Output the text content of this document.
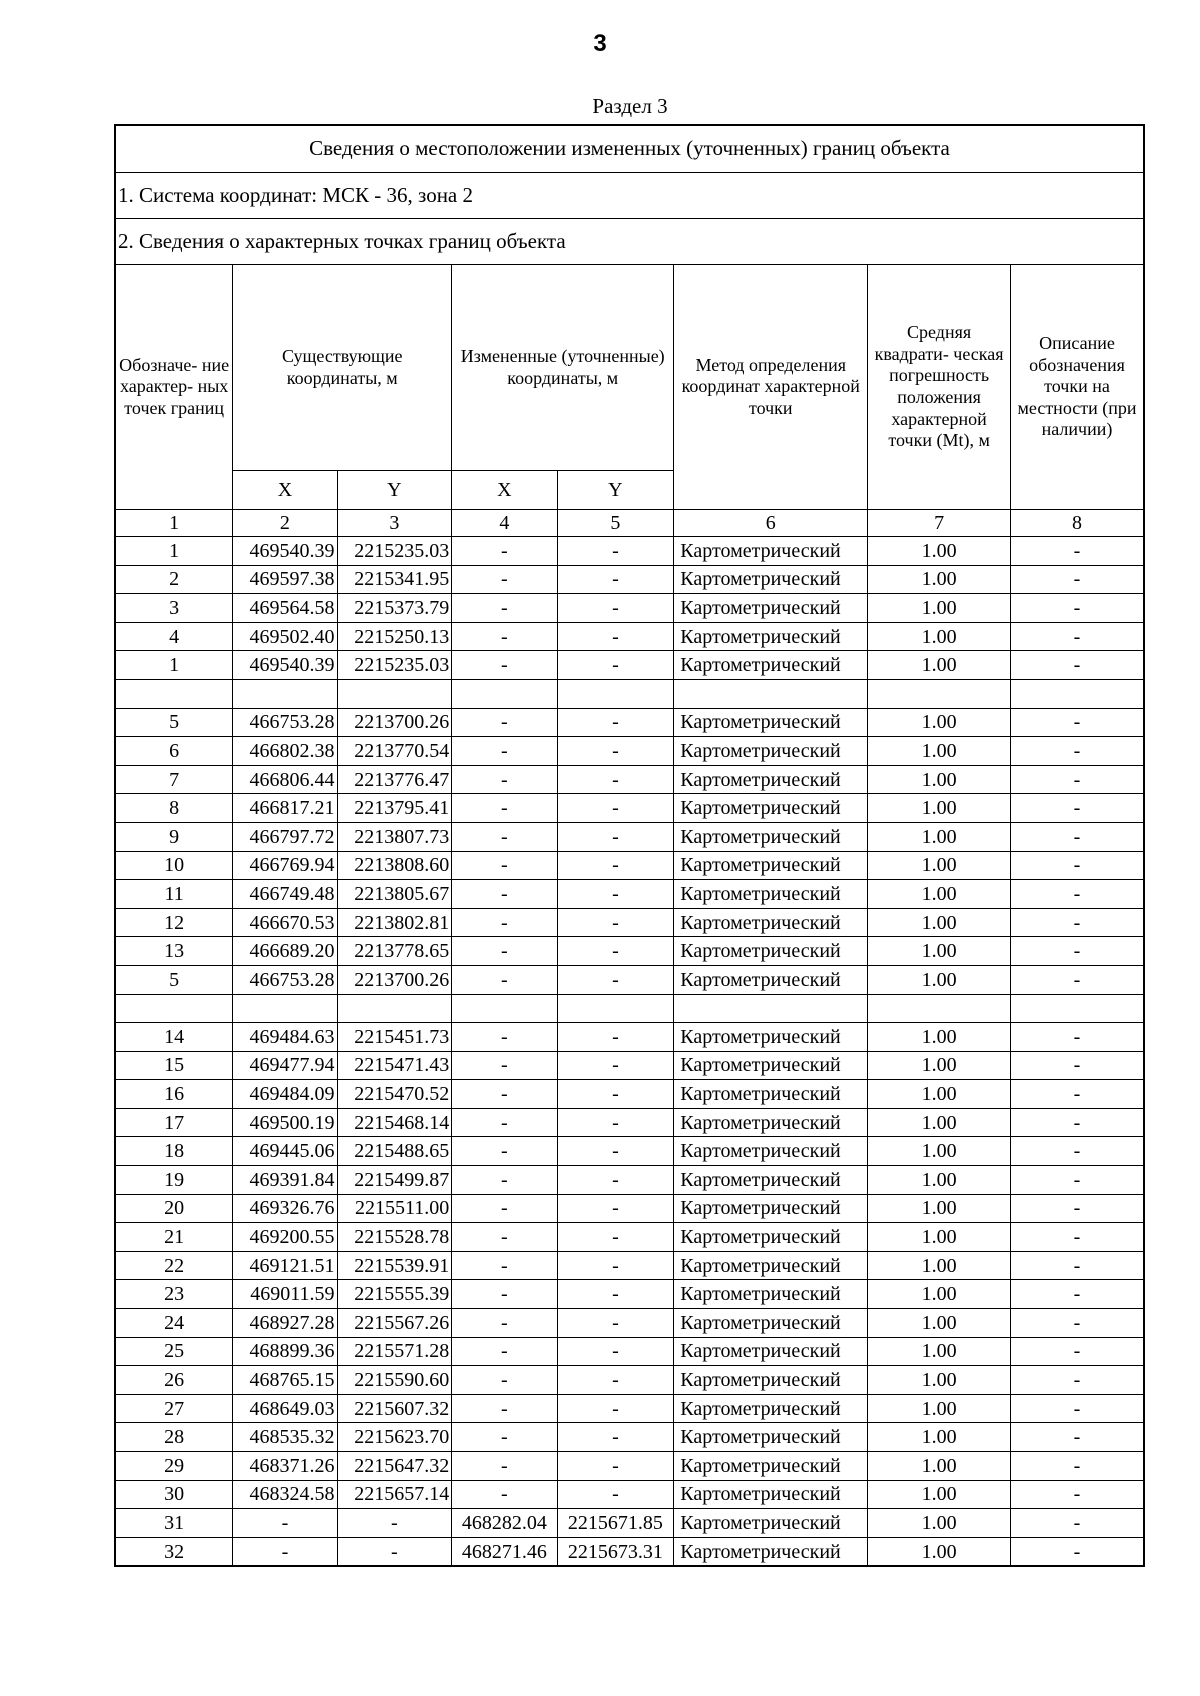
3
Раздел 3
Сведения о местоположении измененных (уточненных) границ объекта							
1. Система координат: МСК - 36, зона 2							
2. Сведения о характерных точках границ объекта							
Обозначе- ние характер- ных точек границ	Существующие координаты, м		Измененные (уточненные) координаты, м		Метод определения координат характерной точки	Средняя квадрати- ческая погрешность положения характерной точки (Mt), м	Описание обозначения точки на местности (при наличии)
	X	Y	X	Y			
1	2	3	4	5	6	7	8
1	469540.39	2215235.03	-	-	Картометрический	1.00	-
2	469597.38	2215341.95	-	-	Картометрический	1.00	-
3	469564.58	2215373.79	-	-	Картометрический	1.00	-
4	469502.40	2215250.13	-	-	Картометрический	1.00	-
1	469540.39	2215235.03	-	-	Картометрический	1.00	-

5	466753.28	2213700.26	-	-	Картометрический	1.00	-
6	466802.38	2213770.54	-	-	Картометрический	1.00	-
7	466806.44	2213776.47	-	-	Картометрический	1.00	-
8	466817.21	2213795.41	-	-	Картометрический	1.00	-
9	466797.72	2213807.73	-	-	Картометрический	1.00	-
10	466769.94	2213808.60	-	-	Картометрический	1.00	-
11	466749.48	2213805.67	-	-	Картометрический	1.00	-
12	466670.53	2213802.81	-	-	Картометрический	1.00	-
13	466689.20	2213778.65	-	-	Картометрический	1.00	-
5	466753.28	2213700.26	-	-	Картометрический	1.00	-

14	469484.63	2215451.73	-	-	Картометрический	1.00	-
15	469477.94	2215471.43	-	-	Картометрический	1.00	-
16	469484.09	2215470.52	-	-	Картометрический	1.00	-
17	469500.19	2215468.14	-	-	Картометрический	1.00	-
18	469445.06	2215488.65	-	-	Картометрический	1.00	-
19	469391.84	2215499.87	-	-	Картометрический	1.00	-
20	469326.76	2215511.00	-	-	Картометрический	1.00	-
21	469200.55	2215528.78	-	-	Картометрический	1.00	-
22	469121.51	2215539.91	-	-	Картометрический	1.00	-
23	469011.59	2215555.39	-	-	Картометрический	1.00	-
24	468927.28	2215567.26	-	-	Картометрический	1.00	-
25	468899.36	2215571.28	-	-	Картометрический	1.00	-
26	468765.15	2215590.60	-	-	Картометрический	1.00	-
27	468649.03	2215607.32	-	-	Картометрический	1.00	-
28	468535.32	2215623.70	-	-	Картометрический	1.00	-
29	468371.26	2215647.32	-	-	Картометрический	1.00	-
30	468324.58	2215657.14	-	-	Картометрический	1.00	-
31	-	-	468282.04	2215671.85	Картометрический	1.00	-
32	-	-	468271.46	2215673.31	Картометрический	1.00	-
